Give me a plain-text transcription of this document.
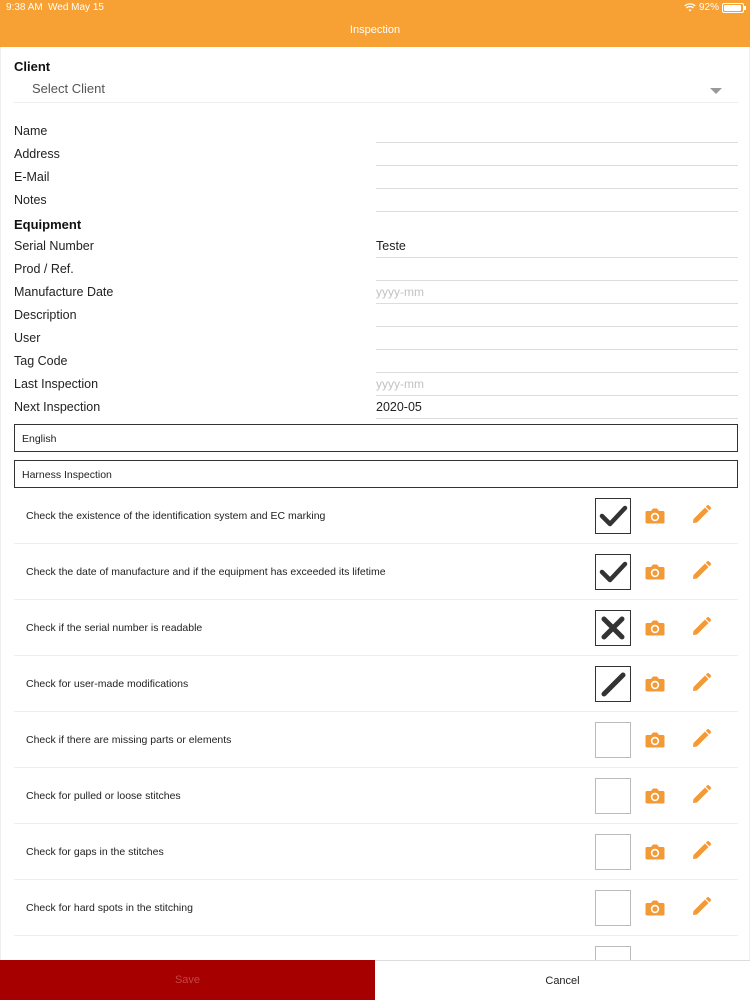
9:38 AM Wed May 15	92%
Inspection
Client
Select Client
Name
Address
E-Mail
Notes
Equipment
Serial Number	Teste
Prod / Ref.
Manufacture Date	yyyy-mm
Description
User
Tag Code
Last Inspection	yyyy-mm
Next Inspection	2020-05
English
Harness Inspection
Check the existence of the identification system and EC marking
Check the date of manufacture and if the equipment has exceeded its lifetime
Check if the serial number is readable
Check for user-made modifications
Check if there are missing parts or elements
Check for pulled or loose stitches
Check for gaps in the stitches
Check for hard spots in the stitching
Save	Cancel
